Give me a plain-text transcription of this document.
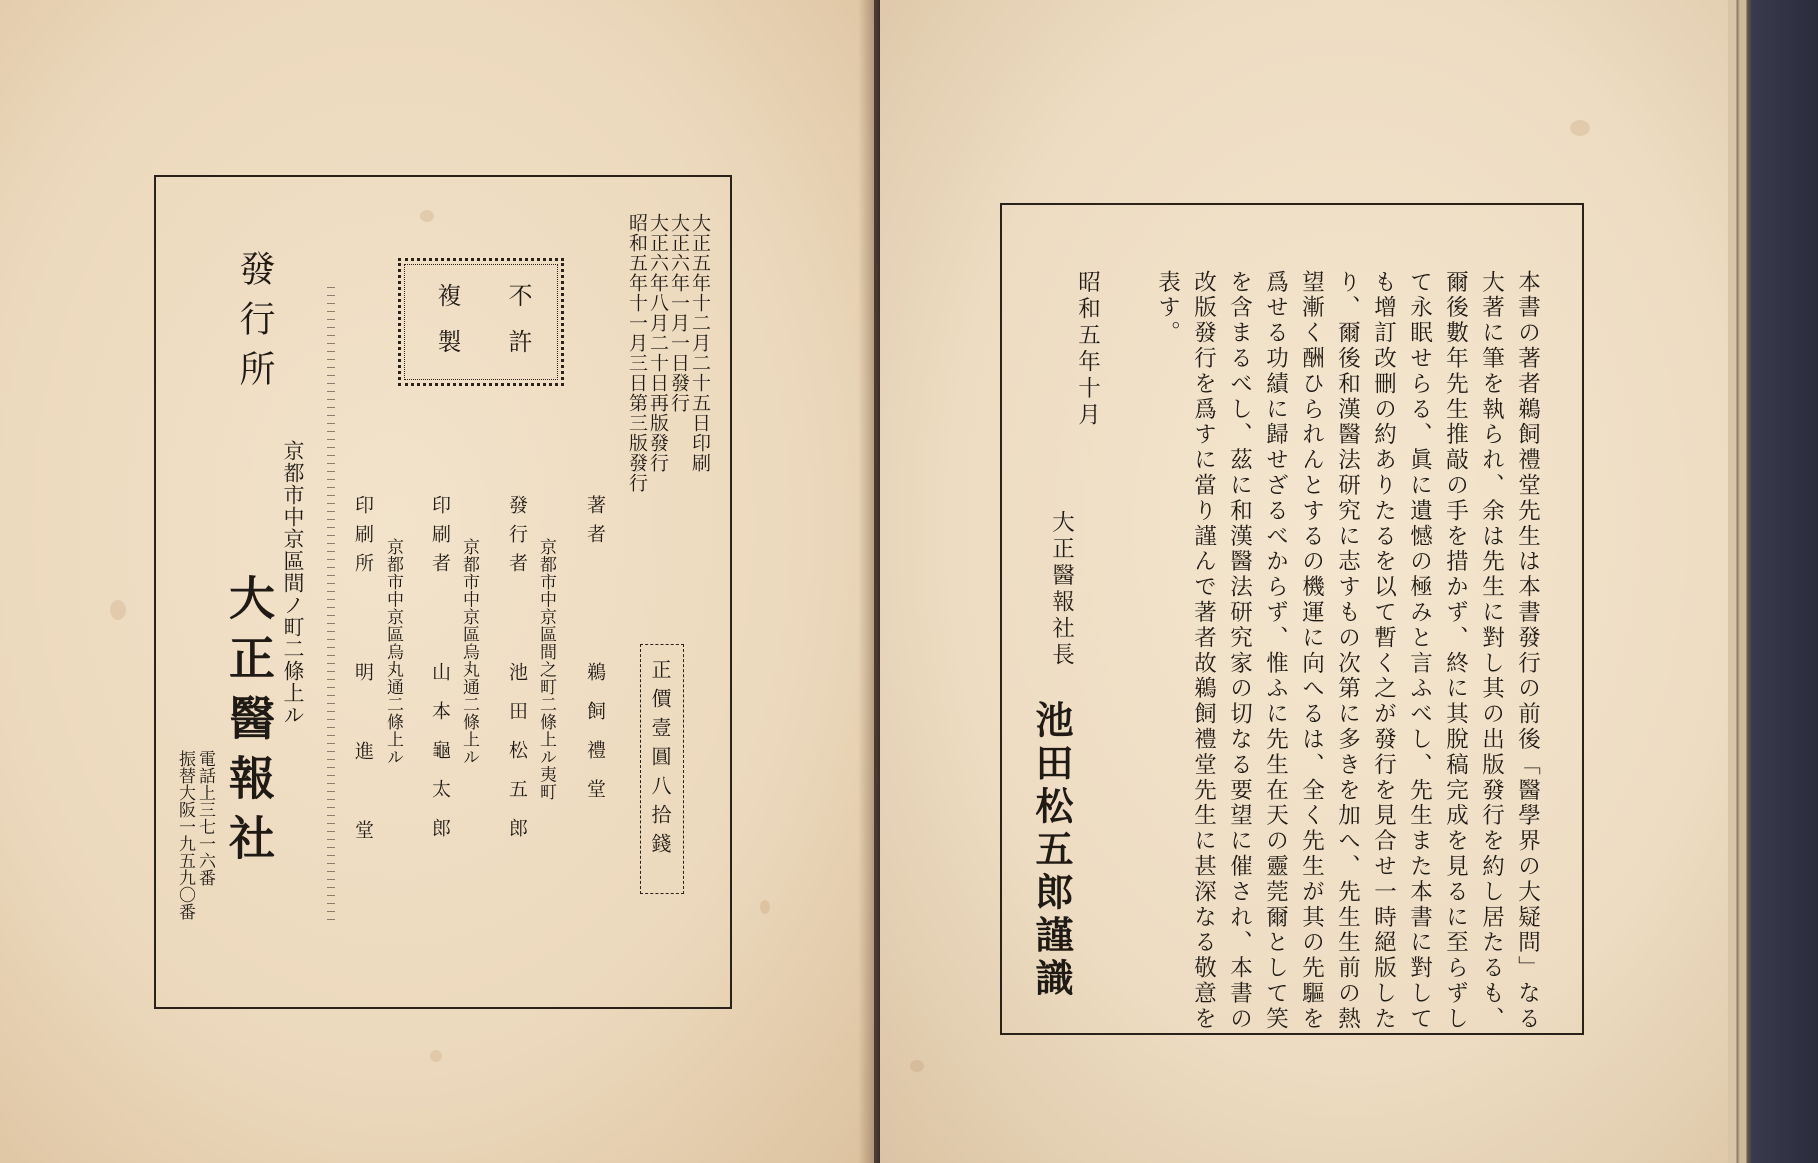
大正五年十二月二十五日印刷
大正六年一月一日發行
大正六年八月二十日再版發行
昭和五年十一月三日第三版發行
不許
複製
正價壹圓八拾錢
著者
鵜飼禮堂
發行者 京都市中京區間之町二條上ル夷町
池田松五郎
印刷者 京都市中京區烏丸通二條上ル
山本龜太郎
印刷所 京都市中京區烏丸通二條上ル
明進堂
發行所
京都市中京區間ノ町二條上ル
大正醫報社
電話上三七一六番
振替大阪一九五九〇番	本書の著者鵜飼禮堂先生は本書發行の前後「醫學界の大疑問」なる
大著に筆を執られ、余は先生に對し其の出版發行を約し居たるも、
爾後數年先生推敲の手を措かず、終に其脫稿完成を見るに至らずし
て永眠せらる、眞に遺憾の極みと言ふべし、先生また本書に對して
も增訂改刪の約ありたるを以て暫く之が發行を見合せ一時絕版した
り、爾後和漢醫法研究に志すもの次第に多きを加へ、先生生前の熱
望漸く酬ひられんとするの機運に向へるは、全く先生が其の先驅を
爲せる功績に歸せざるべからず、惟ふに先生在天の靈莞爾として笑
を含まるべし、茲に和漢醫法研究家の切なる要望に催され、本書の
改版發行を爲すに當り謹んで著者故鵜飼禮堂先生に甚深なる敬意を
表す。
昭和五年十月
大正醫報社長
池田松五郎謹識
